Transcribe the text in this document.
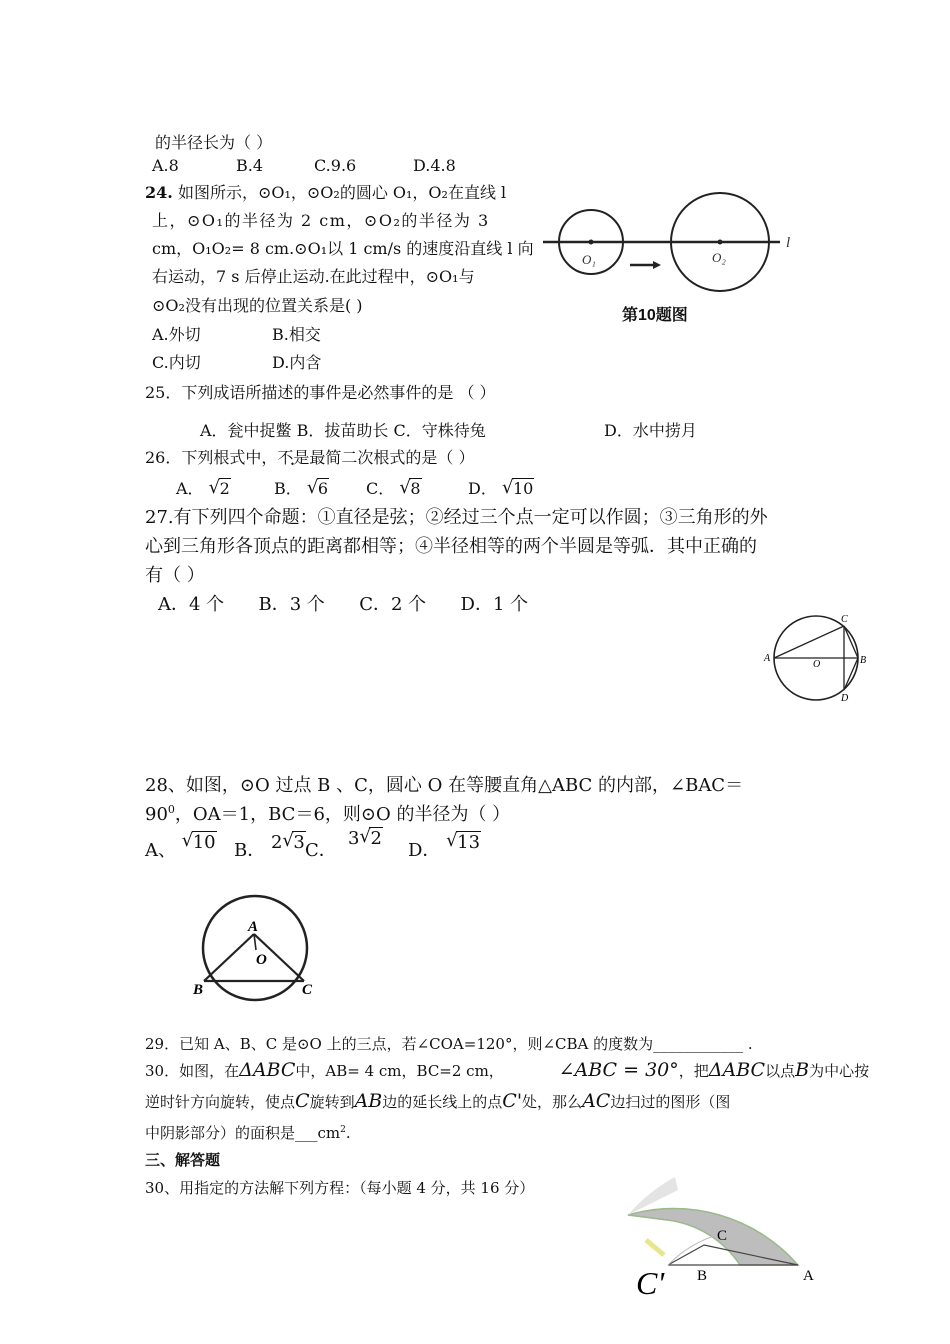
的半径长为（ ）
A.8	B.4	C.9.6	D.4.8
24. 如图所示，⊙O₁，⊙O₂的圆心 O₁，O₂在直线 l
上，⊙O₁的半径为 2 cm，⊙O₂的半径为 3
cm，O₁O₂= 8 cm.⊙O₁以 1 cm/s 的速度沿直线 l 向
右运动，7 s 后停止运动.在此过程中，⊙O₁与
⊙O₂没有出现的位置关系是( )
A.外切	B.相交
C.内切	D.内含
O₁	O₂
l
第10题图
25．下列成语所描述的事件是必然事件的是 （ ）
A．瓮中捉鳖 B．拔苗助长 C．守株待兔	D．水中捞月
26．下列根式中，不是最简二次根式的是（ ）
A． √ 2	B． √ 6 C． √ 8	D． √ 10
27.有下列四个命题：①直径是弦；②经过三个点一定可以作圆；③三角形的外
心到三角形各顶点的距离都相等；④半径相等的两个半圆是等弧．其中正确的
有（ ）
A．4 个      B．3 个      C．2 个      D．1 个
A	B
C
D
O
28、如图，⊙O 过点 B 、C，圆心 O 在等腰直角△ABC 的内部，∠BAC＝
$90^0$，OA＝1，BC＝6，则⊙O 的半径为（ ）
A、 √ 10 B． 2 √ 3 C．
3 √ 2
D． √ 13
A
O
B	C
29．已知 A、B、C 是⊙O 上的三点，若∠COA=120°，则∠CBA 的度数为____________ .
30．如图，在ΔABC中，AB= 4 cm，BC=2 cm，	∠ABC = 30°，把ΔABC以点B为中心按
逆时针方向旋转，使点C旋转到AB边的延长线上的点C'处，那么AC边扫过的图形（图
中阴影部分）的面积是$\_\_\_cm^2$.
三、解答题
30、用指定的方法解下列方程：（每小题 4 分，共 16 分）
C
B	A
C'
